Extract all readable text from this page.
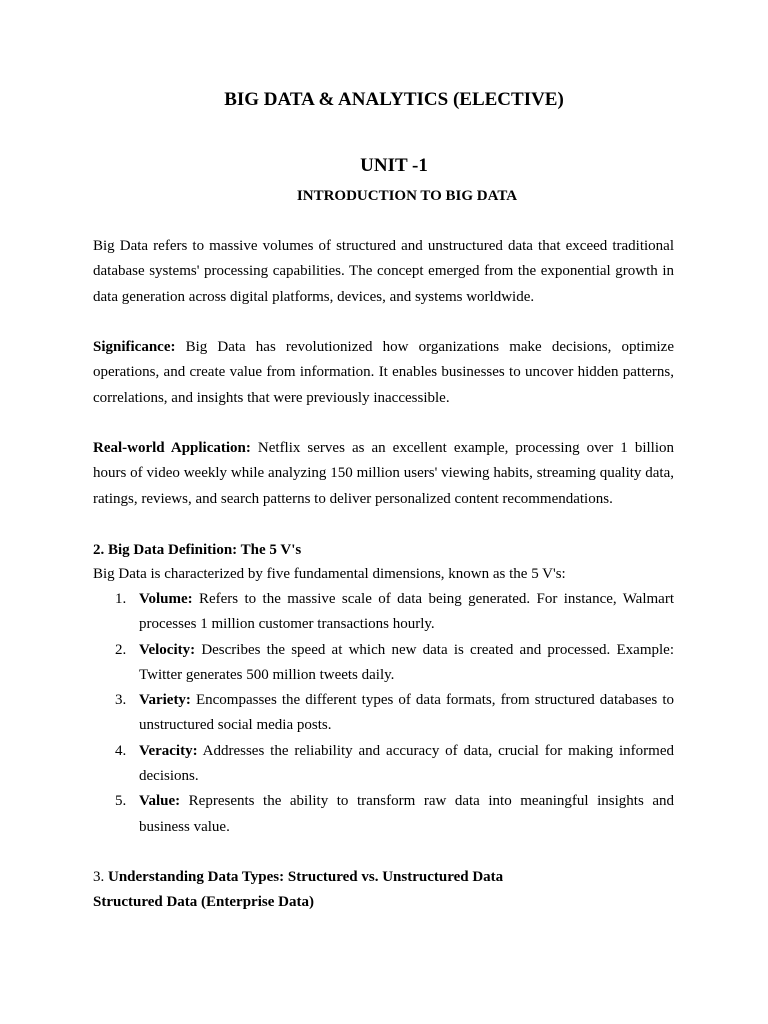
BIG DATA & ANALYTICS (ELECTIVE)
UNIT -1
INTRODUCTION TO BIG DATA

Big Data refers to massive volumes of structured and unstructured data that exceed traditional database systems' processing capabilities. The concept emerged from the exponential growth in data generation across digital platforms, devices, and systems worldwide.

Significance: Big Data has revolutionized how organizations make decisions, optimize operations, and create value from information. It enables businesses to uncover hidden patterns, correlations, and insights that were previously inaccessible.

Real-world Application: Netflix serves as an excellent example, processing over 1 billion hours of video weekly while analyzing 150 million users' viewing habits, streaming quality data, ratings, reviews, and search patterns to deliver personalized content recommendations.

2. Big Data Definition: The 5 V's

Big Data is characterized by five fundamental dimensions, known as the 5 V's:

1. Volume: Refers to the massive scale of data being generated. For instance, Walmart processes 1 million customer transactions hourly.
2. Velocity: Describes the speed at which new data is created and processed. Example: Twitter generates 500 million tweets daily.
3. Variety: Encompasses the different types of data formats, from structured databases to unstructured social media posts.
4. Veracity: Addresses the reliability and accuracy of data, crucial for making informed decisions.
5. Value: Represents the ability to transform raw data into meaningful insights and business value.

3. Understanding Data Types: Structured vs. Unstructured Data

Structured Data (Enterprise Data)
